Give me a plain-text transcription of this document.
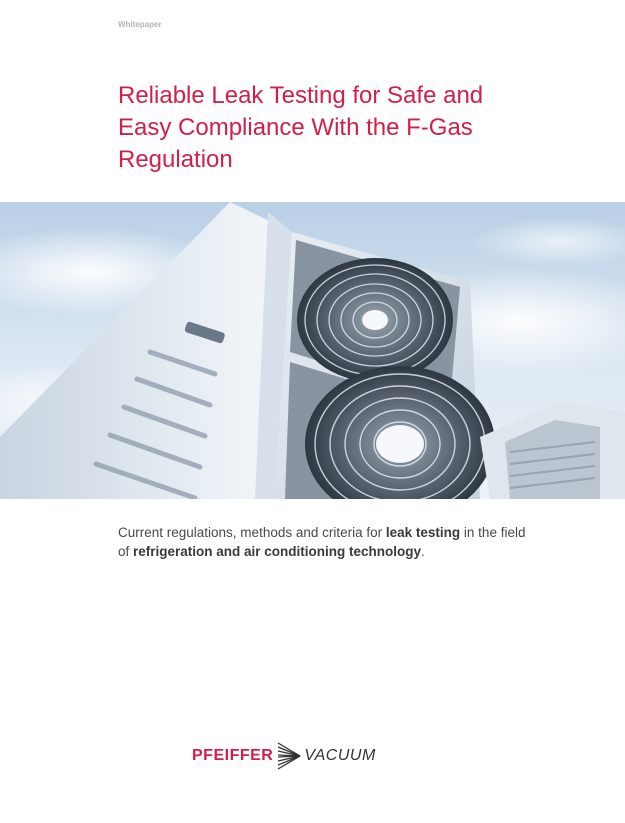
Whitepaper
Reliable Leak Testing for Safe and Easy Compliance With the F-Gas Regulation

Current regulations, methods and criteria for leak testing in the field of refrigeration and air conditioning technology.

PFEIFFER VACUUM
